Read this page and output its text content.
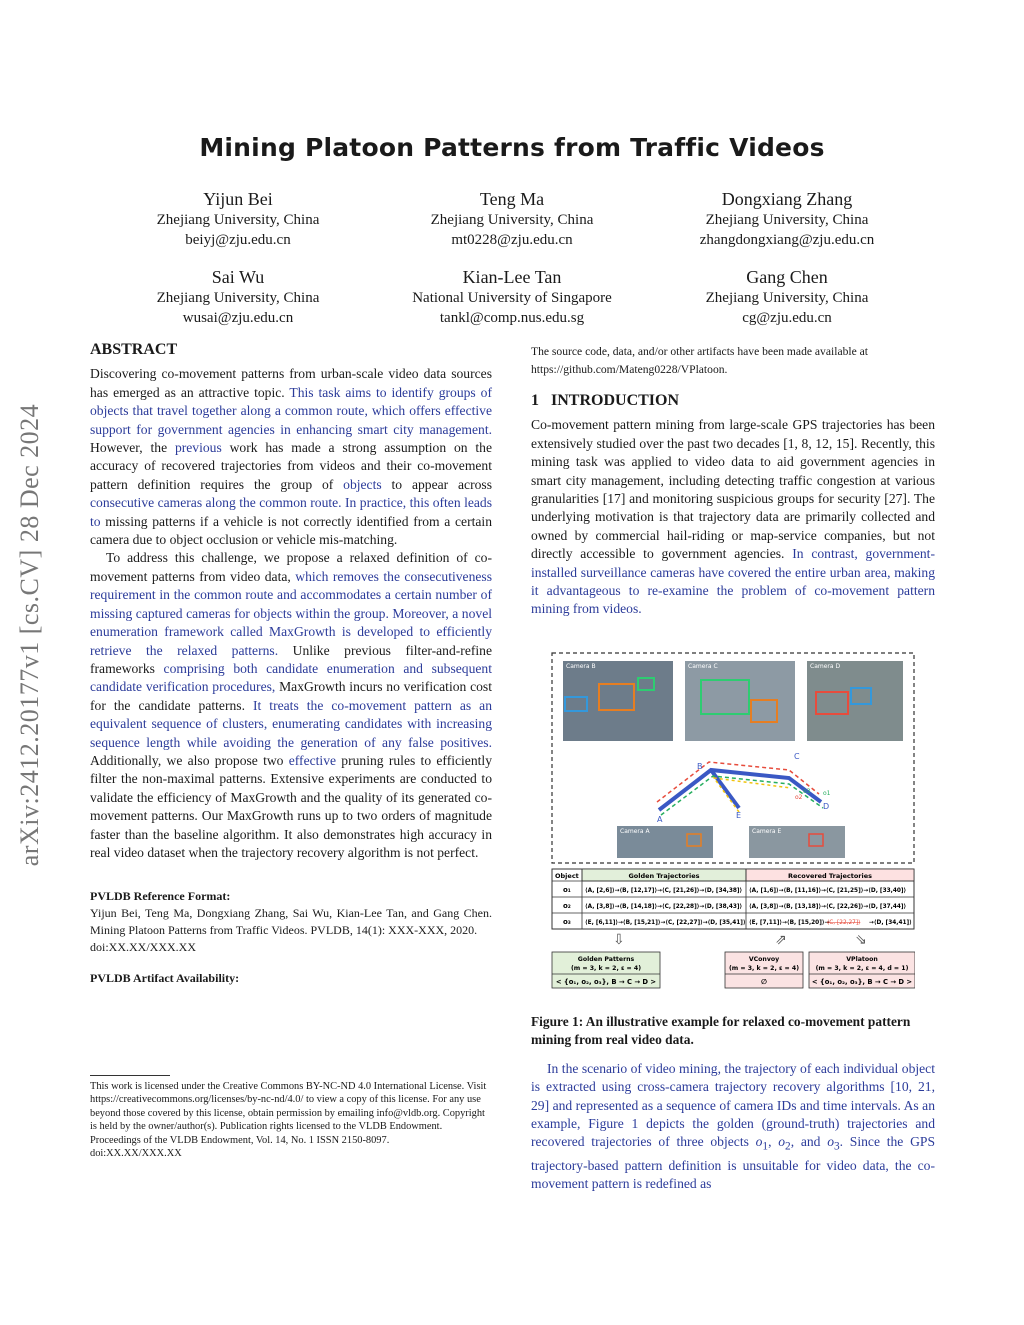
arXiv:2412.20177v1 [cs.CV] 28 Dec 2024
Mining Platoon Patterns from Traffic Videos
Yijun Bei
Zhejiang University, China
beiyj@zju.edu.cn
Teng Ma
Zhejiang University, China
mt0228@zju.edu.cn
Dongxiang Zhang
Zhejiang University, China
zhangdongxiang@zju.edu.cn
Sai Wu
Zhejiang University, China
wusai@zju.edu.cn
Kian-Lee Tan
National University of Singapore
tankl@comp.nus.edu.sg
Gang Chen
Zhejiang University, China
cg@zju.edu.cn
ABSTRACT

Discovering co-movement patterns from urban-scale video data sources has emerged as an attractive topic. This task aims to identify groups of objects that travel together along a common route, which offers effective support for government agencies in enhancing smart city management. However, the previous work has made a strong assumption on the accuracy of recovered trajectories from videos and their co-movement pattern definition requires the group of objects to appear across consecutive cameras along the common route. In practice, this often leads to missing patterns if a vehicle is not correctly identified from a certain camera due to object occlusion or vehicle mis-matching.

To address this challenge, we propose a relaxed definition of co-movement patterns from video data, which removes the consecutiveness requirement in the common route and accommodates a certain number of missing captured cameras for objects within the group. Moreover, a novel enumeration framework called MaxGrowth is developed to efficiently retrieve the relaxed patterns. Unlike previous filter-and-refine frameworks comprising both candidate enumeration and subsequent candidate verification procedures, MaxGrowth incurs no verification cost for the candidate patterns. It treats the co-movement pattern as an equivalent sequence of clusters, enumerating candidates with increasing sequence length while avoiding the generation of any false positives. Additionally, we also propose two effective pruning rules to efficiently filter the non-maximal patterns. Extensive experiments are conducted to validate the efficiency of MaxGrowth and the quality of its generated co-movement patterns. Our MaxGrowth runs up to two orders of magnitude faster than the baseline algorithm. It also demonstrates high accuracy in real video dataset when the trajectory recovery algorithm is not perfect.

PVLDB Reference Format:
Yijun Bei, Teng Ma, Dongxiang Zhang, Sai Wu, Kian-Lee Tan, and Gang Chen. Mining Platoon Patterns from Traffic Videos. PVLDB, 14(1): XXX-XXX, 2020.
doi:XX.XX/XXX.XX
PVLDB Artifact Availability:
This work is licensed under the Creative Commons BY-NC-ND 4.0 International License. Visit https://creativecommons.org/licenses/by-nc-nd/4.0/ to view a copy of this license. For any use beyond those covered by this license, obtain permission by emailing info@vldb.org. Copyright is held by the owner/author(s). Publication rights licensed to the VLDB Endowment.
Proceedings of the VLDB Endowment, Vol. 14, No. 1 ISSN 2150-8097.
doi:XX.XX/XXX.XX

The source code, data, and/or other artifacts have been made available at https://github.com/Mateng0228/VPlatoon.

1 INTRODUCTION

Co-movement pattern mining from large-scale GPS trajectories has been extensively studied over the past two decades [1, 8, 12, 15]. Recently, this mining task was applied to video data to aid government agencies in smart city management, including detecting traffic congestion at various granularities [17] and monitoring suspicious groups for security [27]. The underlying motivation is that trajectory data are primarily collected and owned by commercial hail-riding or map-service companies, but not directly accessible to government agencies. In contrast, government-installed surveillance cameras have covered the entire urban area, making it advantageous to re-examine the problem of co-movement pattern mining from videos.

Camera B	Camera C	Camera D
B
C
D
A	E
o1
o2
o3
Camera A	Camera E
Object	Golden Trajectories	Recovered Trajectories
o₁ ⟨A, [2,6]⟩→⟨B, [12,17]⟩→⟨C, [21,26]⟩→⟨D, [34,38]⟩ ⟨A, [1,6]⟩→⟨B, [11,16]⟩→⟨C, [21,25]⟩→⟨D, [33,40]⟩
o₂ ⟨A, [3,8]⟩→⟨B, [14,18]⟩→⟨C, [22,28]⟩→⟨D, [38,43]⟩ ⟨A, [3,8]⟩→⟨B, [13,18]⟩→⟨C, [22,26]⟩→⟨D, [37,44]⟩
o₃ ⟨E, [6,11]⟩→⟨B, [15,21]⟩→⟨C, [22,27]⟩→⟨D, [35,41]⟩ ⟨E, [7,11]⟩→⟨B, [15,20]⟩→
⟨C, [22,27]⟩ →⟨D, [34,41]⟩
⇩	⇗	⇘
Golden Patterns
(m = 3, k = 2, ε = 4)
< {o₁, o₂, o₃}, B → C → D >
VConvoy
(m = 3, k = 2, ε = 4)
∅
VPlatoon
(m = 3, k = 2, ε = 4, d = 1)
< {o₁, o₂, o₃}, B → C → D >

Figure 1: An illustrative example for relaxed co-movement pattern mining from real video data.

In the scenario of video mining, the trajectory of each individual object is extracted using cross-camera trajectory recovery algorithms [10, 21, 29] and represented as a sequence of camera IDs and time intervals. As an example, Figure 1 depicts the golden (ground-truth) trajectories and recovered trajectories of three objects $o_1$, $o_2$, and $o_3$. Since the GPS trajectory-based pattern definition is unsuitable for video data, the co-movement pattern is redefined as
